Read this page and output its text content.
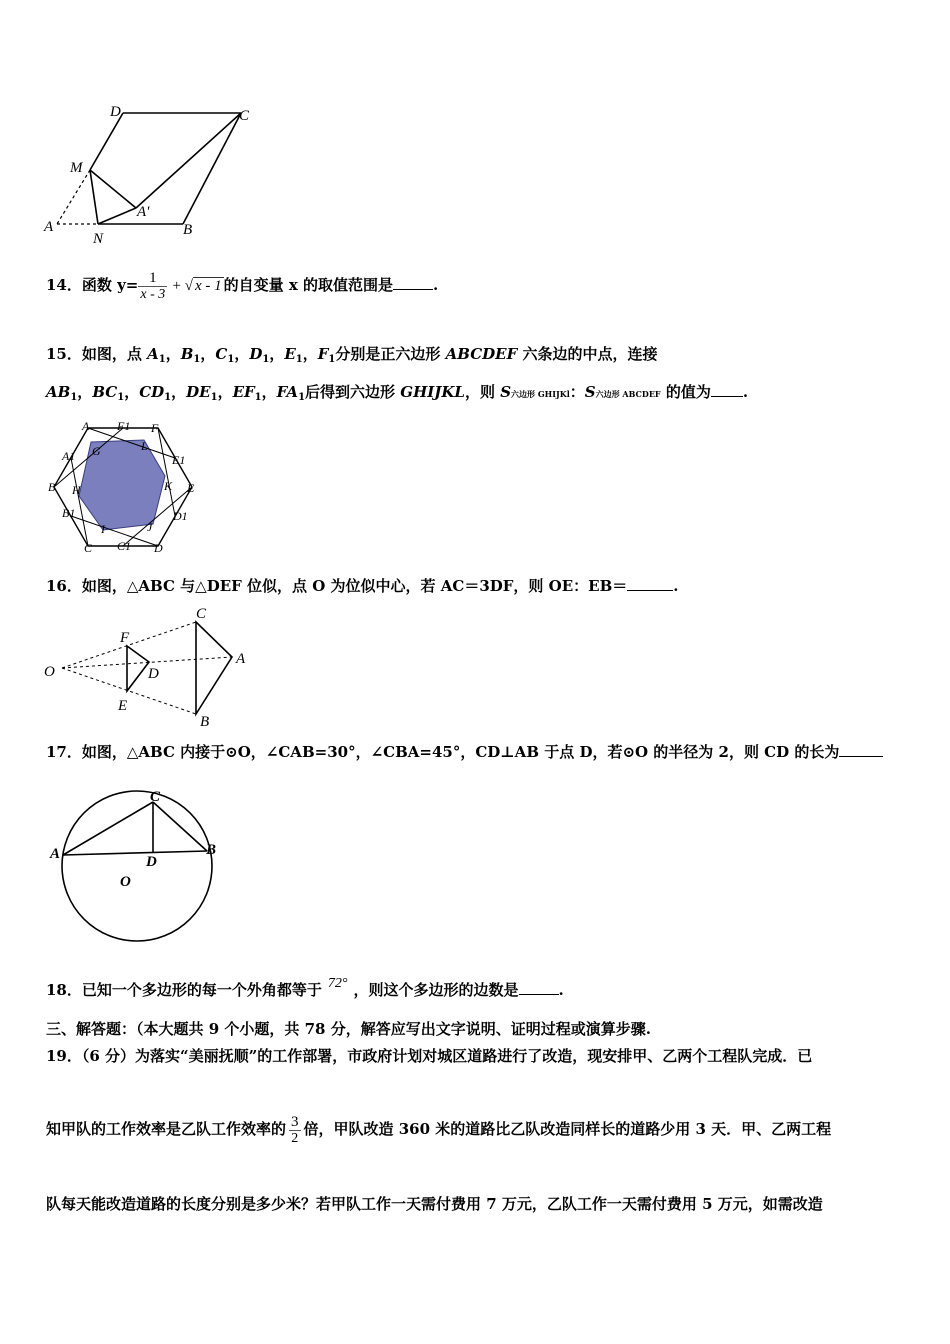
D	C
M
A'
A
N
B
14．函数 $y= \frac{1}{x - 3}$ + √ x - 1 的自变量 x 的取值范围是	.
15．如图，点 $A_1$，$B_1$，$C_1$，$D_1$，$E_1$，$F_1$分别是正六边形 ABCDEF 六条边的中点，连接
$AB_1$，$BC_1$，$CD_1$，$DE_1$，$EF_1$，$FA_1$后得到六边形 GHIJKL，则 S六边形 GHIJKl：S六边形 ABCDEF 的值为 .
A F1 F
A1 G	L
E1
B H	K E
B1
I	J
D1
C C1 D
16．如图，△ABC 与△DEF 位似，点 O 为位似中心，若 AC＝3DF，则 OE：EB＝	.
C
F
A
O	D
E
B
17．如图，△ABC 内接于⊙O，∠CAB=30°，∠CBA=45°，CD⊥AB 于点 D，若⊙O 的半径为 2，则 CD 的长为
C
A	B
D
O
18．已知一个多边形的每一个外角都等于 72° ，则这个多边形的边数是	.
三、解答题：（本大题共 9 个小题，共 78 分，解答应写出文字说明、证明过程或演算步骤.
19．（6 分）为落实“美丽抚顺”的工作部署，市政府计划对城区道路进行了改造，现安排甲、乙两个工程队完成．已
知甲队的工作效率是乙队工作效率的 $\frac{3}{2}$ 倍，甲队改造 360 米的道路比乙队改造同样长的道路少用 3 天．甲、乙两工程
队每天能改造道路的长度分别是多少米？若甲队工作一天需付费用 7 万元，乙队工作一天需付费用 5 万元，如需改造
